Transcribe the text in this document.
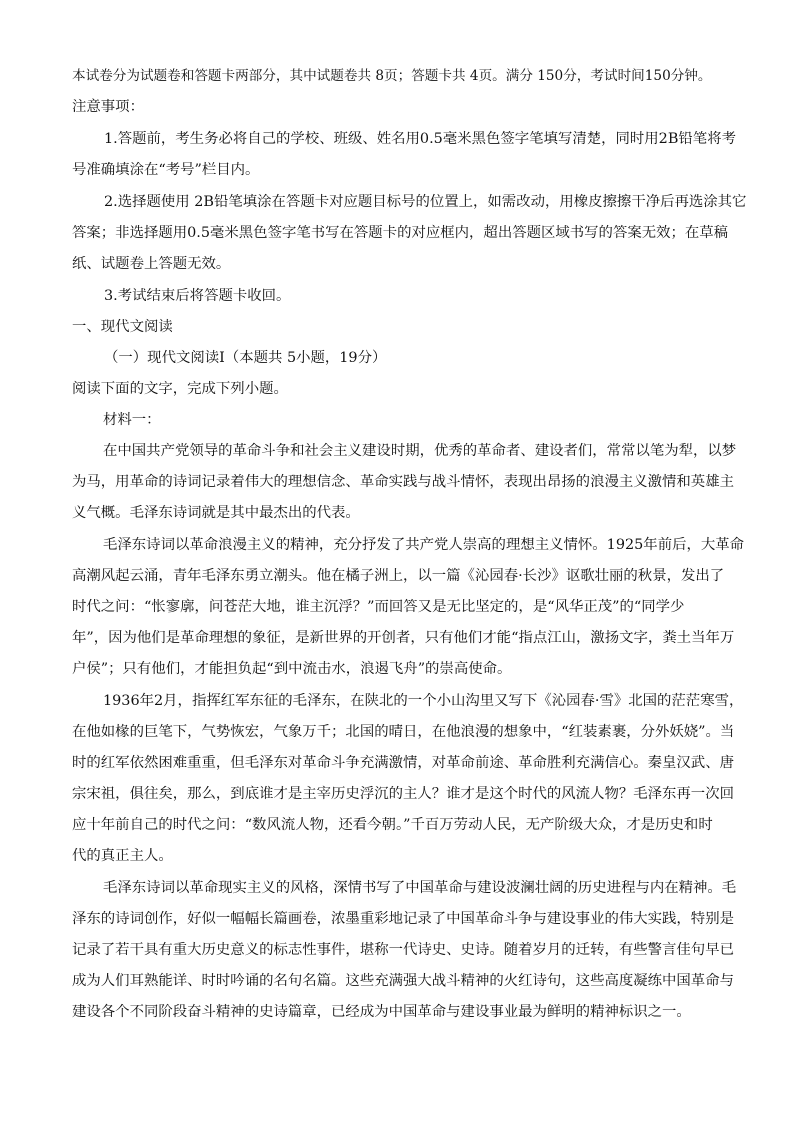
本试卷分为试题卷和答题卡两部分，其中试题卷共 8页；答题卡共 4页。满分 150分，考试时间150分钟。
注意事项：
1.答题前，考生务必将自己的学校、班级、姓名用0.5毫米黑色签字笔填写清楚，同时用2B铅笔将考
号准确填涂在“考号”栏目内。
2.选择题使用 2B铅笔填涂在答题卡对应题目标号的位置上，如需改动，用橡皮擦擦干净后再选涂其它
答案；非选择题用0.5毫米黑色签字笔书写在答题卡的对应框内，超出答题区域书写的答案无效；在草稿
纸、试题卷上答题无效。
3.考试结束后将答题卡收回。
一、现代文阅读
（一）现代文阅读Ⅰ（本题共 5小题，19分）
阅读下面的文字，完成下列小题。
材料一：
在中国共产党领导的革命斗争和社会主义建设时期，优秀的革命者、建设者们，常常以笔为犁，以梦
为马，用革命的诗词记录着伟大的理想信念、革命实践与战斗情怀，表现出昂扬的浪漫主义激情和英雄主
义气概。毛泽东诗词就是其中最杰出的代表。
毛泽东诗词以革命浪漫主义的精神，充分抒发了共产党人崇高的理想主义情怀。1925年前后，大革命
高潮风起云涌，青年毛泽东勇立潮头。他在橘子洲上，以一篇《沁园春·长沙》讴歌壮丽的秋景，发出了
时代之问：“怅寥廓，问苍茫大地，谁主沉浮？”而回答又是无比坚定的，是“风华正茂”的“同学少
年”，因为他们是革命理想的象征，是新世界的开创者，只有他们才能“指点江山，激扬文字，粪土当年万
户侯”；只有他们，才能担负起“到中流击水，浪遏飞舟”的崇高使命。
1936年2月，指挥红军东征的毛泽东，在陕北的一个小山沟里又写下《沁园春·雪》北国的茫茫寒雪，
在他如椽的巨笔下，气势恢宏，气象万千；北国的晴日，在他浪漫的想象中，“红装素裹，分外妖娆”。当
时的红军依然困难重重，但毛泽东对革命斗争充满激情，对革命前途、革命胜利充满信心。秦皇汉武、唐
宗宋祖，俱往矣，那么，到底谁才是主宰历史浮沉的主人？谁才是这个时代的风流人物？毛泽东再一次回
应十年前自己的时代之问：“数风流人物，还看今朝。”千百万劳动人民，无产阶级大众，才是历史和时
代的真正主人。
毛泽东诗词以革命现实主义的风格，深情书写了中国革命与建设波澜壮阔的历史进程与内在精神。毛
泽东的诗词创作，好似一幅幅长篇画卷，浓墨重彩地记录了中国革命斗争与建设事业的伟大实践，特别是
记录了若干具有重大历史意义的标志性事件，堪称一代诗史、史诗。随着岁月的迁转，有些警言佳句早已
成为人们耳熟能详、时时吟诵的名句名篇。这些充满强大战斗精神的火红诗句，这些高度凝练中国革命与
建设各个不同阶段奋斗精神的史诗篇章，已经成为中国革命与建设事业最为鲜明的精神标识之一。
